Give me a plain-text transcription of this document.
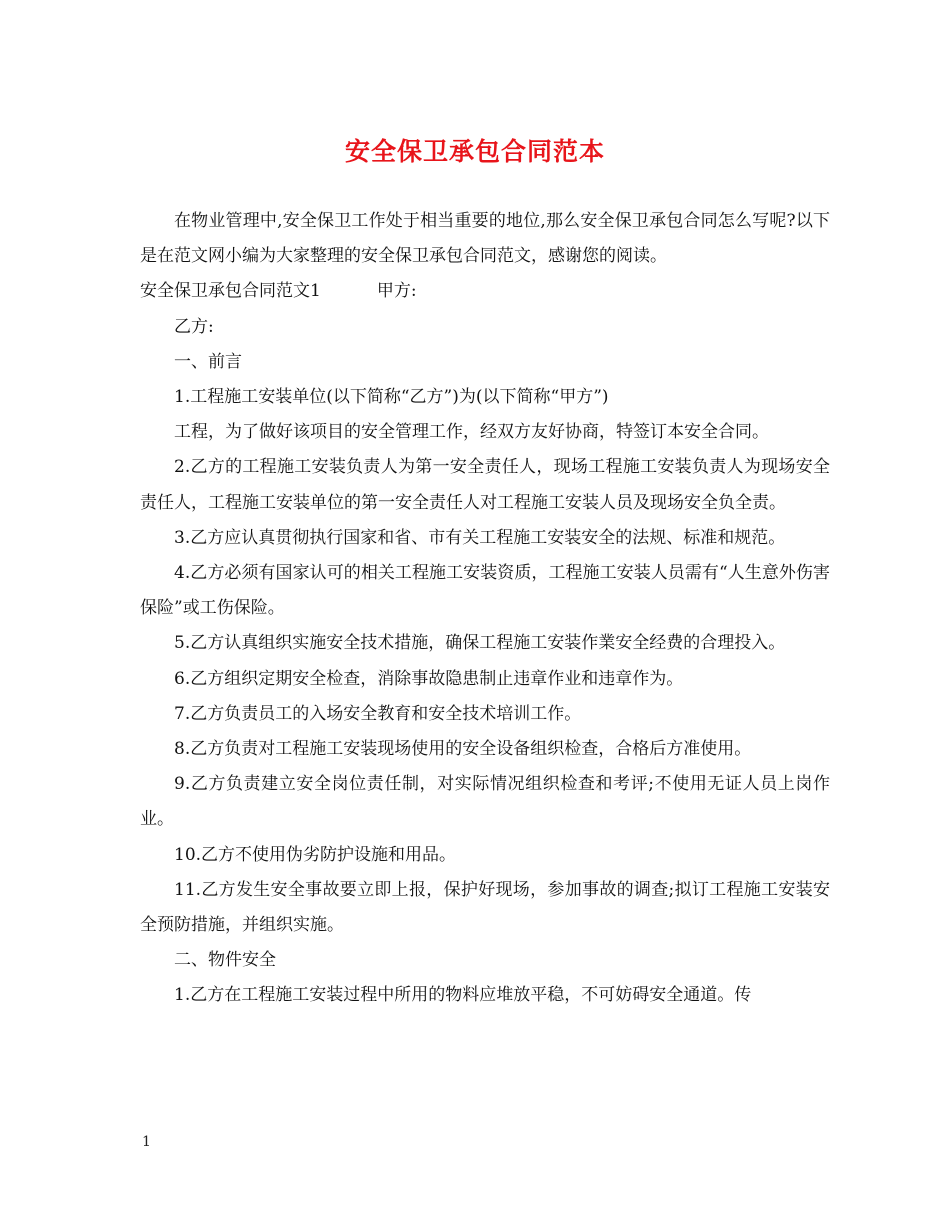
安全保卫承包合同范本

在物业管理中,安全保卫工作处于相当重要的地位,那么安全保卫承包合同怎么写呢?以下是在范文网小编为大家整理的安全保卫承包合同范文，感谢您的阅读。

安全保卫承包合同范文1	甲方:

乙方:

一、前言

1.工程施工安装单位(以下简称“乙方”)为(以下简称“甲方”)

工程，为了做好该项目的安全管理工作，经双方友好协商，特签订本安全合同。

2.乙方的工程施工安装负责人为第一安全责任人，现场工程施工安装负责人为现场安全责任人，工程施工安装单位的第一安全责任人对工程施工安装人员及现场安全负全责。

3.乙方应认真贯彻执行国家和省、市有关工程施工安装安全的法规、标准和规范。

4.乙方必须有国家认可的相关工程施工安装资质，工程施工安装人员需有“人生意外伤害保险”或工伤保险。

5.乙方认真组织实施安全技术措施，确保工程施工安装作業安全经费的合理投入。

6.乙方组织定期安全检查，消除事故隐患制止违章作业和违章作为。

7.乙方负责员工的入场安全教育和安全技术培训工作。

8.乙方负责对工程施工安装现场使用的安全设备组织检查，合格后方准使用。

9.乙方负责建立安全岗位责任制，对实际情况组织检查和考评;不使用无证人员上岗作业。

10.乙方不使用伪劣防护设施和用品。

11.乙方发生安全事故要立即上报，保护好现场，参加事故的调查;拟订工程施工安装安全预防措施，并组织实施。

二、物件安全

1.乙方在工程施工安装过程中所用的物料应堆放平稳，不可妨碍安全通道。传

1
